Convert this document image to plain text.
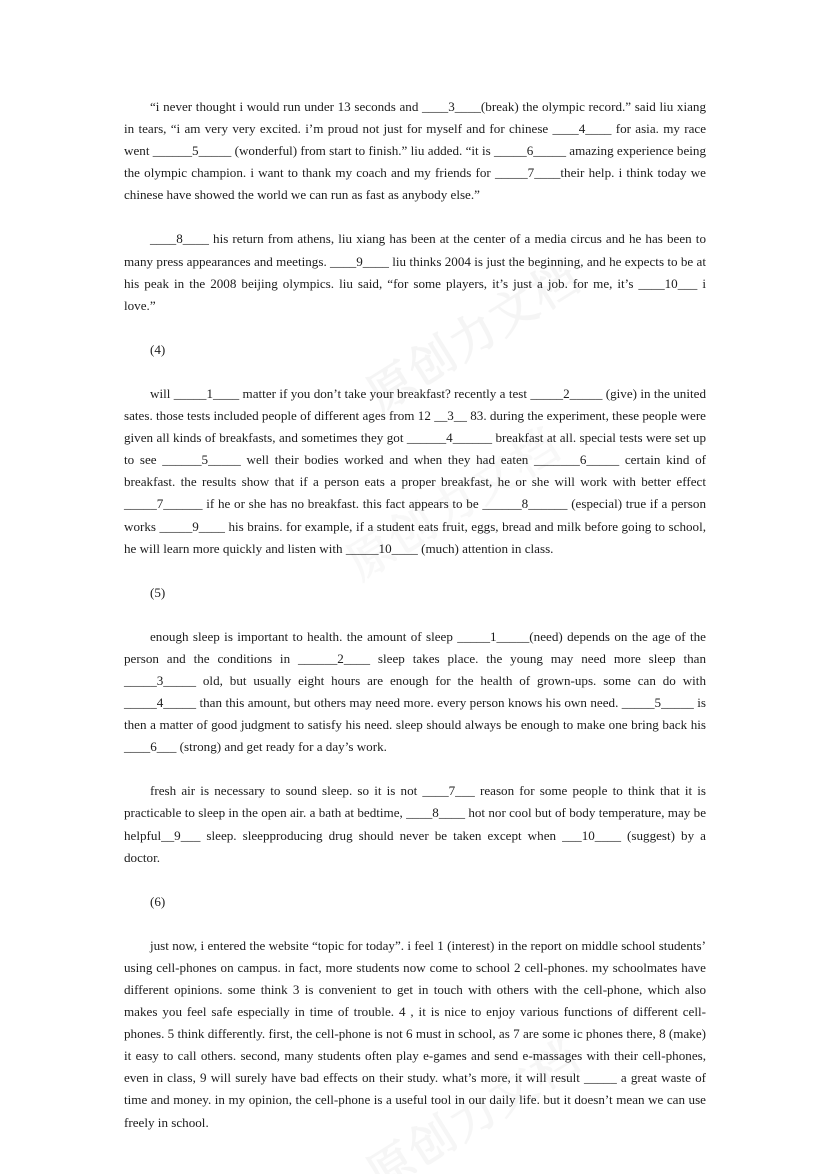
“i never thought i would run under 13 seconds and ____3____(break) the olympic record.” said liu xiang in tears, “i am very very excited. i’m proud not just for myself and for chinese ____4____ for asia. my race went ______5_____ (wonderful) from start to finish.” liu added. “it is _____6_____ amazing experience being the olympic champion. i want to thank my coach and my friends for _____7____their help. i think today we chinese have showed the world we can run as fast as anybody else.”

____8____ his return from athens, liu xiang has been at the center of a media circus and he has been to many press appearances and meetings. ____9____ liu thinks 2004 is just the beginning, and he expects to be at his peak in the 2008 beijing olympics. liu said, “for some players, it’s just a job. for me, it’s ____10___ i love.”

(4)

will _____1____ matter if you don’t take your breakfast? recently a test _____2_____ (give) in the united sates. those tests included people of different ages from 12 __3__ 83. during the experiment, these people were given all kinds of breakfasts, and sometimes they got ______4______ breakfast at all. special tests were set up to see ______5_____ well their bodies worked and when they had eaten _______6_____ certain kind of breakfast. the results show that if a person eats a proper breakfast, he or she will work with better effect _____7______ if he or she has no breakfast. this fact appears to be ______8______ (especial) true if a person works _____9____ his brains. for example, if a student eats fruit, eggs, bread and milk before going to school, he will learn more quickly and listen with _____10____ (much) attention in class.

(5)

enough sleep is important to health. the amount of sleep _____1_____(need) depends on the age of the person and the conditions in ______2____ sleep takes place. the young may need more sleep than _____3_____ old, but usually eight hours are enough for the health of grown-ups. some can do with _____4_____ than this amount, but others may need more. every person knows his own need. _____5_____ is then a matter of good judgment to satisfy his need. sleep should always be enough to make one bring back his ____6___ (strong) and get ready for a day’s work.

fresh air is necessary to sound sleep. so it is not ____7___ reason for some people to think that it is practicable to sleep in the open air. a bath at bedtime, ____8____ hot nor cool but of body temperature, may be helpful__9___ sleep. sleepproducing drug should never be taken except when ___10____ (suggest) by a doctor.

(6)

just now, i entered the website “topic for today”. i feel 1 (interest) in the report on middle school students’ using cell-phones on campus. in fact, more students now come to school 2 cell-phones. my schoolmates have different opinions. some think 3 is convenient to get in touch with others with the cell-phone, which also makes you feel safe especially in time of trouble. 4 , it is nice to enjoy various functions of different cell-phones. 5 think differently. first, the cell-phone is not 6 must in school, as 7 are some ic phones there, 8 (make) it easy to call others. second, many students often play e-games and send e-massages with their cell-phones, even in class, 9 will surely have bad effects on their study. what’s more, it will result _____ a great waste of time and money. in my opinion, the cell-phone is a useful tool in our daily life. but it doesn’t mean we can use freely in school.
